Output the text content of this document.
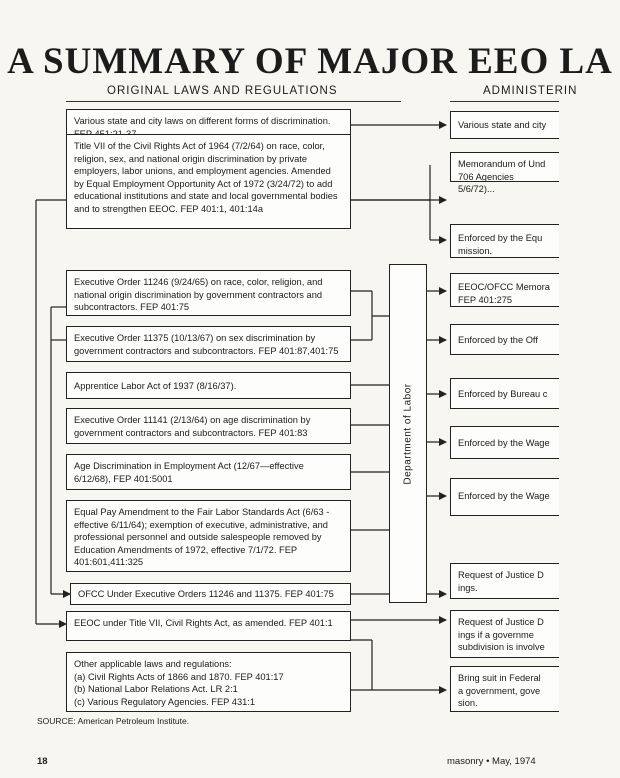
A SUMMARY OF MAJOR EEO LA
ORIGINAL LAWS AND REGULATIONS	ADMINISTERIN
Various state and city laws on different forms of discrimination.
Title VII of the Civil Rights Act of 1964 (7/2/64) on race, color, religion, sex, and national origin discrimination by private employers, labor unions, and employment agencies. Amended by Equal Employment Opportunity Act of 1972 (3/24/72) to add educational institutions and state and local governmental bodies and to strengthen EEOC. FEP 401:1, 401:14a
Executive Order 11246 (9/24/65) on race, color, religion, and national origin discrimination by government contractors and subcontractors. FEP 401:75
Executive Order 11375 (10/13/67) on sex discrimination by government contractors and subcontractors. FEP 401:87,401:75
Apprentice Labor Act of 1937 (8/16/37).
Executive Order 11141 (2/13/64) on age discrimination by government contractors and subcontractors. FEP 401:83
Age Discrimination in Employment Act (12/67—effective 6/12/68), FEP 401:5001
Equal Pay Amendment to the Fair Labor Standards Act (6/63 - effective 6/11/64); exemption of executive, administrative, and professional personnel and outside salespeople removed by Education Amendments of 1972, effective 7/1/72. FEP 401:601,411:325
OFCC Under Executive Orders 11246 and 11375. FEP 401:75
EEOC under Title VII, Civil Rights Act, as amended. FEP 401:1
Other applicable laws and regulations:
(a) Civil Rights Acts of 1866 and 1870. FEP 401:17
(b) National Labor Relations Act. LR 2:1
(c) Various Regulatory Agencies. FEP 431:1
Department of Labor
Various state and city
Memorandum of Und
706 Agencies 5/6/72)...
Enforced by the Equ
mission.
EEOC/OFCC Memora
FEP 401:275
Enforced by the Off
Enforced by Bureau c
Enforced by the Wage
Enforced by the Wage
Request of Justice D
ings.
Request of Justice D
ings if a governme
subdivision is involve
Bring suit in Federal
a government, gove
sion.
SOURCE: American Petroleum Institute.
18	masonry • May, 1974
